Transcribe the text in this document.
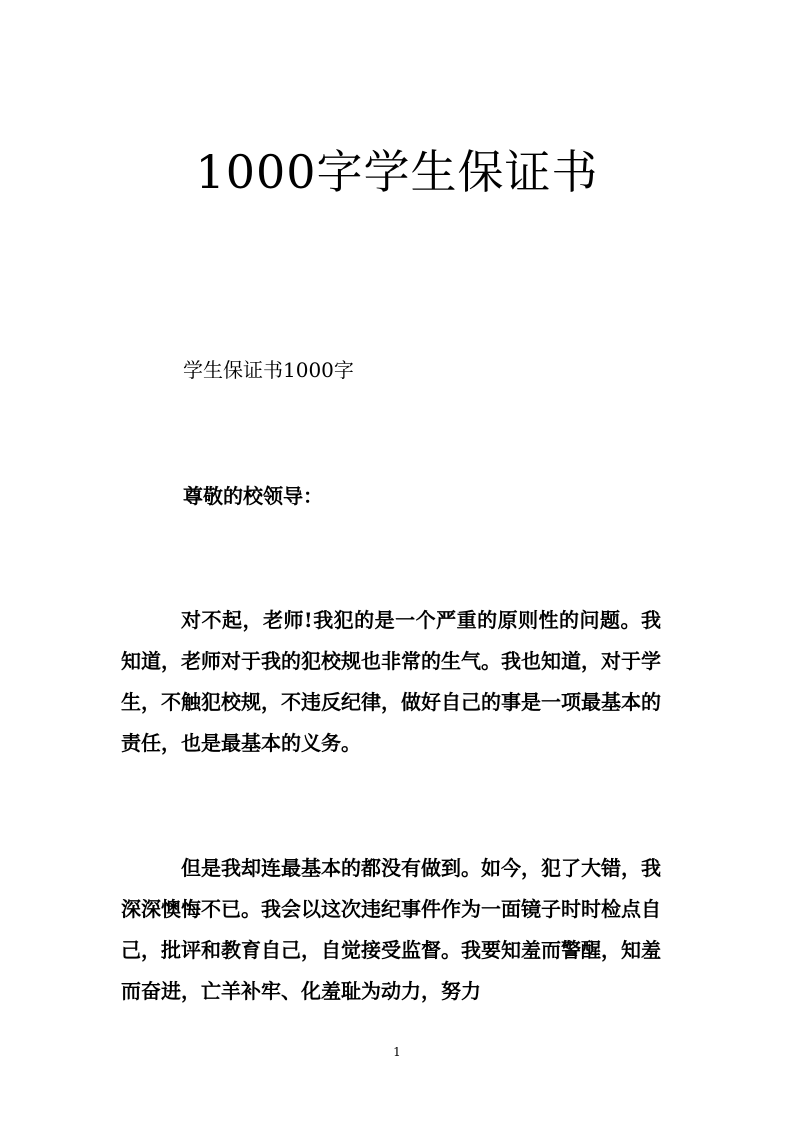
1000字学生保证书

学生保证书1000字

尊敬的校领导：

对不起，老师!我犯的是一个严重的原则性的问题。我知道，老师对于我的犯校规也非常的生气。我也知道，对于学生，不触犯校规，不违反纪律，做好自己的事是一项最基本的责任，也是最基本的义务。

但是我却连最基本的都没有做到。如今，犯了大错，我深深懊悔不已。我会以这次违纪事件作为一面镜子时时检点自己，批评和教育自己，自觉接受监督。我要知羞而警醒，知羞而奋进，亡羊补牢、化羞耻为动力，努力

1
